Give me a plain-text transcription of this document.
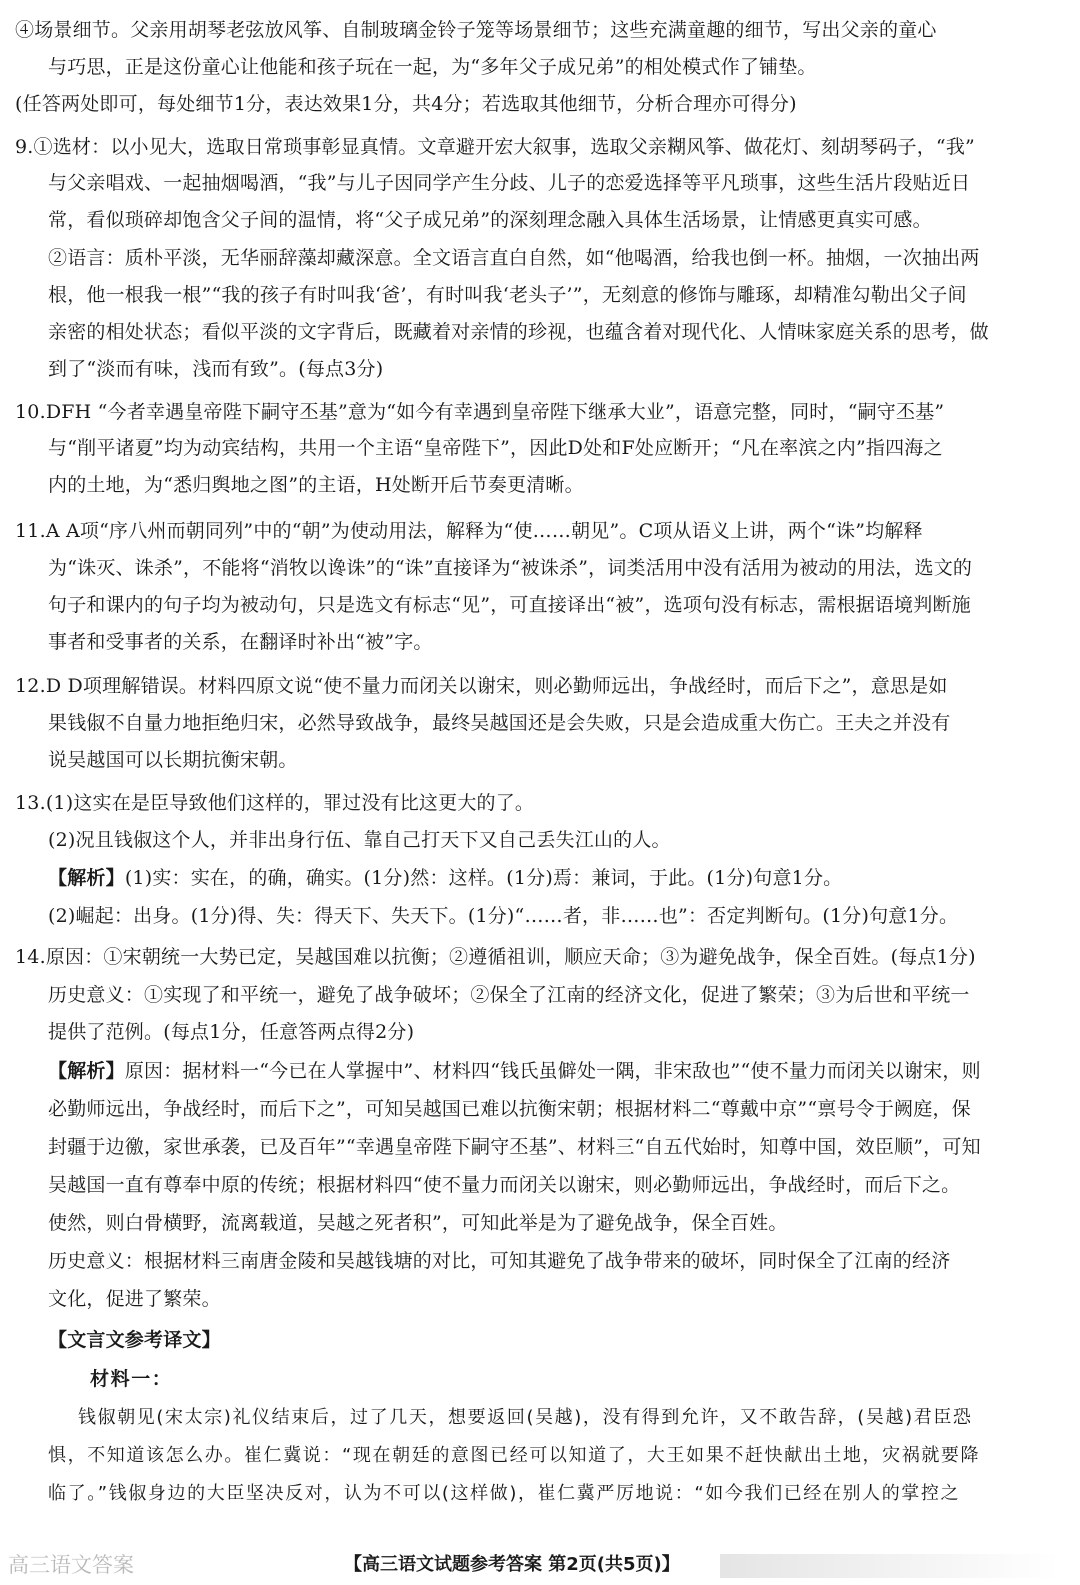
④场景细节。父亲用胡琴老弦放风筝、自制玻璃金铃子笼等场景细节；这些充满童趣的细节，写出父亲的童心
与巧思，正是这份童心让他能和孩子玩在一起，为“多年父子成兄弟”的相处模式作了铺垫。
(任答两处即可，每处细节1分，表达效果1分，共4分；若选取其他细节，分析合理亦可得分)
9.①选材：以小见大，选取日常琐事彰显真情。文章避开宏大叙事，选取父亲糊风筝、做花灯、刻胡琴码子，“我”
与父亲唱戏、一起抽烟喝酒，“我”与儿子因同学产生分歧、儿子的恋爱选择等平凡琐事，这些生活片段贴近日
常，看似琐碎却饱含父子间的温情，将“父子成兄弟”的深刻理念融入具体生活场景，让情感更真实可感。
②语言：质朴平淡，无华丽辞藻却藏深意。全文语言直白自然，如“他喝酒，给我也倒一杯。抽烟，一次抽出两
根，他一根我一根”“我的孩子有时叫我‘爸’，有时叫我‘老头子’”，无刻意的修饰与雕琢，却精准勾勒出父子间
亲密的相处状态；看似平淡的文字背后，既藏着对亲情的珍视，也蕴含着对现代化、人情味家庭关系的思考，做
到了“淡而有味，浅而有致”。(每点3分)
10.DFH “今者幸遇皇帝陛下嗣守丕基”意为“如今有幸遇到皇帝陛下继承大业”，语意完整，同时，“嗣守丕基”
与“削平诸夏”均为动宾结构，共用一个主语“皇帝陛下”，因此D处和F处应断开；“凡在率滨之内”指四海之
内的土地，为“悉归舆地之图”的主语，H处断开后节奏更清晰。
11.A A项“序八州而朝同列”中的“朝”为使动用法，解释为“使……朝见”。C项从语义上讲，两个“诛”均解释
为“诛灭、诛杀”，不能将“消牧以谗诛”的“诛”直接译为“被诛杀”，词类活用中没有活用为被动的用法，选文的
句子和课内的句子均为被动句，只是选文有标志“见”，可直接译出“被”，选项句没有标志，需根据语境判断施
事者和受事者的关系，在翻译时补出“被”字。
12.D D项理解错误。材料四原文说“使不量力而闭关以谢宋，则必勤师远出，争战经时，而后下之”，意思是如
果钱俶不自量力地拒绝归宋，必然导致战争，最终吴越国还是会失败，只是会造成重大伤亡。王夫之并没有
说吴越国可以长期抗衡宋朝。
13.(1)这实在是臣导致他们这样的，罪过没有比这更大的了。
(2)况且钱俶这个人，并非出身行伍、靠自己打天下又自己丢失江山的人。
【解析】(1)实：实在，的确，确实。(1分)然：这样。(1分)焉：兼词，于此。(1分)句意1分。
(2)崛起：出身。(1分)得、失：得天下、失天下。(1分)“……者，非……也”：否定判断句。(1分)句意1分。
14.原因：①宋朝统一大势已定，吴越国难以抗衡；②遵循祖训，顺应天命；③为避免战争，保全百姓。(每点1分)
历史意义：①实现了和平统一，避免了战争破坏；②保全了江南的经济文化，促进了繁荣；③为后世和平统一
提供了范例。(每点1分，任意答两点得2分)
【解析】原因：据材料一“今已在人掌握中”、材料四“钱氏虽僻处一隅，非宋敌也”“使不量力而闭关以谢宋，则
必勤师远出，争战经时，而后下之”，可知吴越国已难以抗衡宋朝；根据材料二“尊戴中京”“禀号令于阙庭，保
封疆于边徼，家世承袭，已及百年”“幸遇皇帝陛下嗣守丕基”、材料三“自五代始时，知尊中国，效臣顺”，可知
吴越国一直有尊奉中原的传统；根据材料四“使不量力而闭关以谢宋，则必勤师远出，争战经时，而后下之。
使然，则白骨横野，流离载道，吴越之死者积”，可知此举是为了避免战争，保全百姓。
历史意义：根据材料三南唐金陵和吴越钱塘的对比，可知其避免了战争带来的破坏，同时保全了江南的经济
文化，促进了繁荣。
【文言文参考译文】
材料一：
钱俶朝见(宋太宗)礼仪结束后，过了几天，想要返回(吴越)，没有得到允许，又不敢告辞，(吴越)君臣恐
惧，不知道该怎么办。崔仁冀说：“现在朝廷的意图已经可以知道了，大王如果不赶快献出土地，灾祸就要降
临了。”钱俶身边的大臣坚决反对，认为不可以(这样做)，崔仁冀严厉地说：“如今我们已经在别人的掌控之
高三语文答案	【高三语文试题参考答案 第2页(共5页)】
